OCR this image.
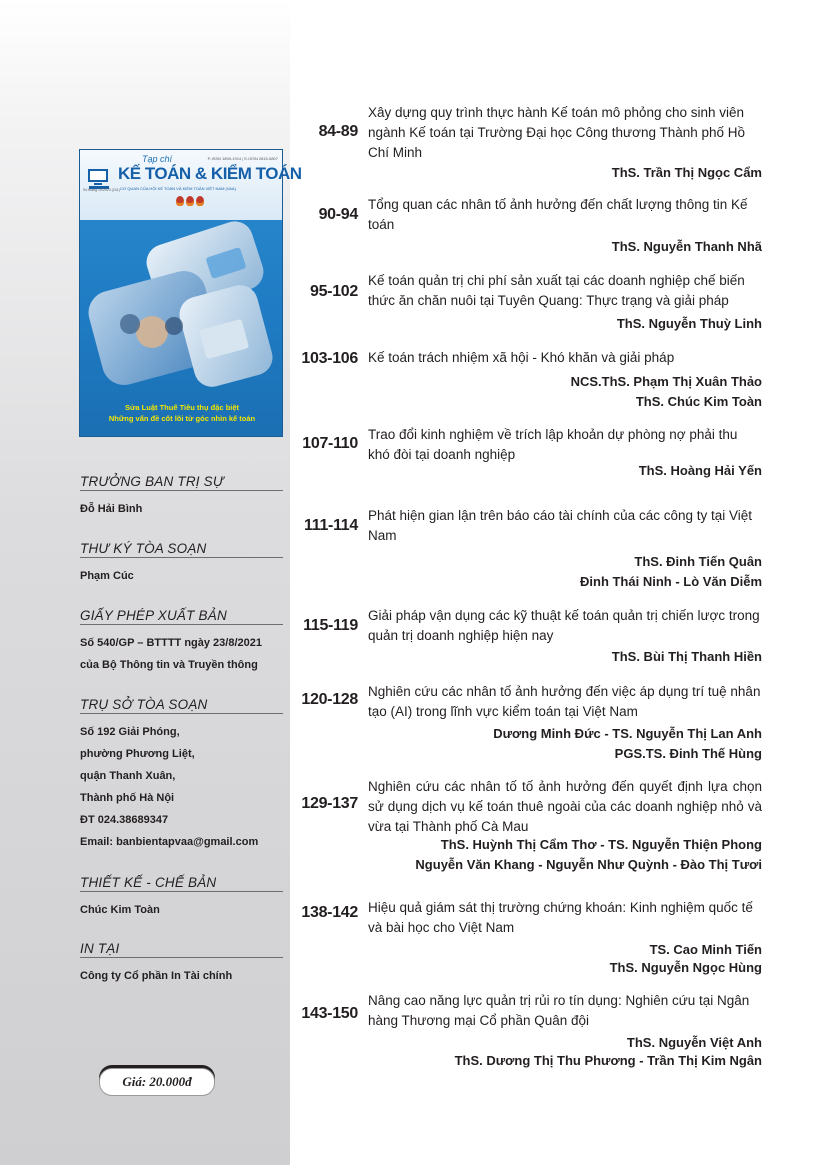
Tạp chí
KẾ TOÁN & KIỂM TOÁN
P-ISSN 1859-1914 | E-ISSN 2815-5807
Số tháng 10/2023 (241) CƠ QUAN CỦA HỘI KẾ TOÁN VÀ KIỂM TOÁN VIỆT NAM (VAA)
Sửa Luật Thuế Tiêu thụ đặc biệt
Những vấn đề cốt lõi từ góc nhìn kế toán
TRƯỞNG BAN TRỊ SỰ
Đỗ Hải Bình
THƯ KÝ TÒA SOẠN
Phạm Cúc
GIẤY PHÉP XUẤT BẢN
Số 540/GP – BTTTT ngày 23/8/2021
của Bộ Thông tin và Truyền thông
TRỤ SỞ TÒA SOẠN
Số 192 Giải Phóng,
phường Phương Liệt,
quận Thanh Xuân,
Thành phố Hà Nội
ĐT 024.38689347
Email: banbientapvaa@gmail.com
THIẾT KẾ - CHẾ BẢN
Chúc Kim Toàn
IN TẠI
Công ty Cổ phần In Tài chính
Giá: 20.000đ
84-89
Xây dựng quy trình thực hành Kế toán mô phỏng cho sinh viên ngành Kế toán tại Trường Đại học Công thương Thành phố Hồ Chí Minh
ThS. Trần Thị Ngọc Cẩm
90-94
Tổng quan các nhân tố ảnh hưởng đến chất lượng thông tin Kế toán
ThS. Nguyễn Thanh Nhã
95-102
Kế toán quản trị chi phí sản xuất tại các doanh nghiệp chế biến thức ăn chăn nuôi tại Tuyên Quang: Thực trạng và giải pháp
ThS. Nguyễn Thuỳ Linh
103-106 Kế toán trách nhiệm xã hội - Khó khăn và giải pháp
NCS.ThS. Phạm Thị Xuân Thảo
ThS. Chúc Kim Toàn
107-110
Trao đổi kinh nghiệm về trích lập khoản dự phòng nợ phải thu khó đòi tại doanh nghiệp
ThS. Hoàng Hải Yến
111-114
Phát hiện gian lận trên báo cáo tài chính của các công ty tại Việt Nam
ThS. Đinh Tiến Quân
Đinh Thái Ninh - Lò Văn Diễm
115-119
Giải pháp vận dụng các kỹ thuật kế toán quản trị chiến lược trong quản trị doanh nghiệp hiện nay
ThS. Bùi Thị Thanh Hiền
120-128 Nghiên cứu các nhân tố ảnh hưởng đến việc áp dụng trí tuệ nhân tạo (AI) trong lĩnh vực kiểm toán tại Việt Nam
Dương Minh Đức - TS. Nguyễn Thị Lan Anh
PGS.TS. Đinh Thế Hùng
129-137
Nghiên cứu các nhân tố tố ảnh hưởng đến quyết định lựa chọn sử dụng dịch vụ kế toán thuê ngoài của các doanh nghiệp nhỏ và vừa tại Thành phố Cà Mau
ThS. Huỳnh Thị Cẩm Thơ - TS. Nguyễn Thiện Phong
Nguyễn Văn Khang - Nguyễn Như Quỳnh - Đào Thị Tươi
138-142 Hiệu quả giám sát thị trường chứng khoán: Kinh nghiệm quốc tế và bài học cho Việt Nam
TS. Cao Minh Tiến
ThS. Nguyễn Ngọc Hùng
143-150
Nâng cao năng lực quản trị rủi ro tín dụng: Nghiên cứu tại Ngân hàng Thương mại Cổ phần Quân đội
ThS. Nguyễn Việt Anh
ThS. Dương Thị Thu Phương - Trần Thị Kim Ngân
